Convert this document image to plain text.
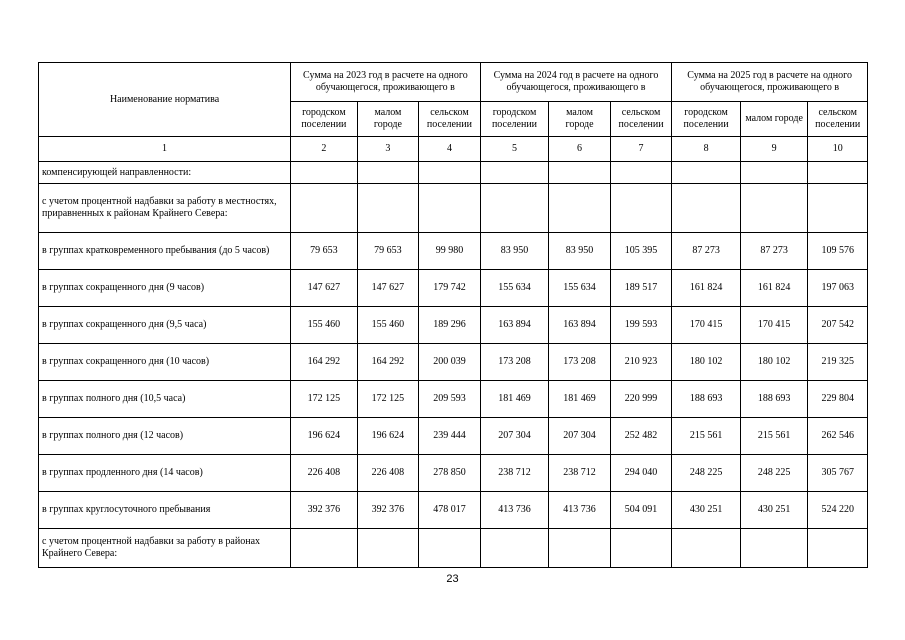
Наименование норматива	Сумма на 2023 год в расчете на одного обучающегося, проживающего в			Сумма на 2024 год в расчете на одного обучающегося, проживающего в			Сумма на 2025 год в расчете на одного обучающегося, проживающего в		
	городском поселении	малом городе	сельском поселении	городском поселении	малом городе	сельском поселении	городском поселении	малом городе	сельском поселении
1	2	3	4	5	6	7	8	9	10
компенсирующей направленности:									
с учетом процентной надбавки за работу в местностях, приравненных к районам Крайнего Севера:									
в группах кратковременного пребывания (до 5 часов)	79 653	79 653	99 980	83 950	83 950	105 395	87 273	87 273	109 576
в группах сокращенного дня (9 часов)	147 627	147 627	179 742	155 634	155 634	189 517	161 824	161 824	197 063
в группах сокращенного дня (9,5 часа)	155 460	155 460	189 296	163 894	163 894	199 593	170 415	170 415	207 542
в группах сокращенного дня (10 часов)	164 292	164 292	200 039	173 208	173 208	210 923	180 102	180 102	219 325
в группах полного дня (10,5 часа)	172 125	172 125	209 593	181 469	181 469	220 999	188 693	188 693	229 804
в группах полного дня (12 часов)	196 624	196 624	239 444	207 304	207 304	252 482	215 561	215 561	262 546
в группах продленного дня (14 часов)	226 408	226 408	278 850	238 712	238 712	294 040	248 225	248 225	305 767
в группах круглосуточного пребывания	392 376	392 376	478 017	413 736	413 736	504 091	430 251	430 251	524 220
с учетом процентной надбавки за работу в районах Крайнего Севера:									
23
